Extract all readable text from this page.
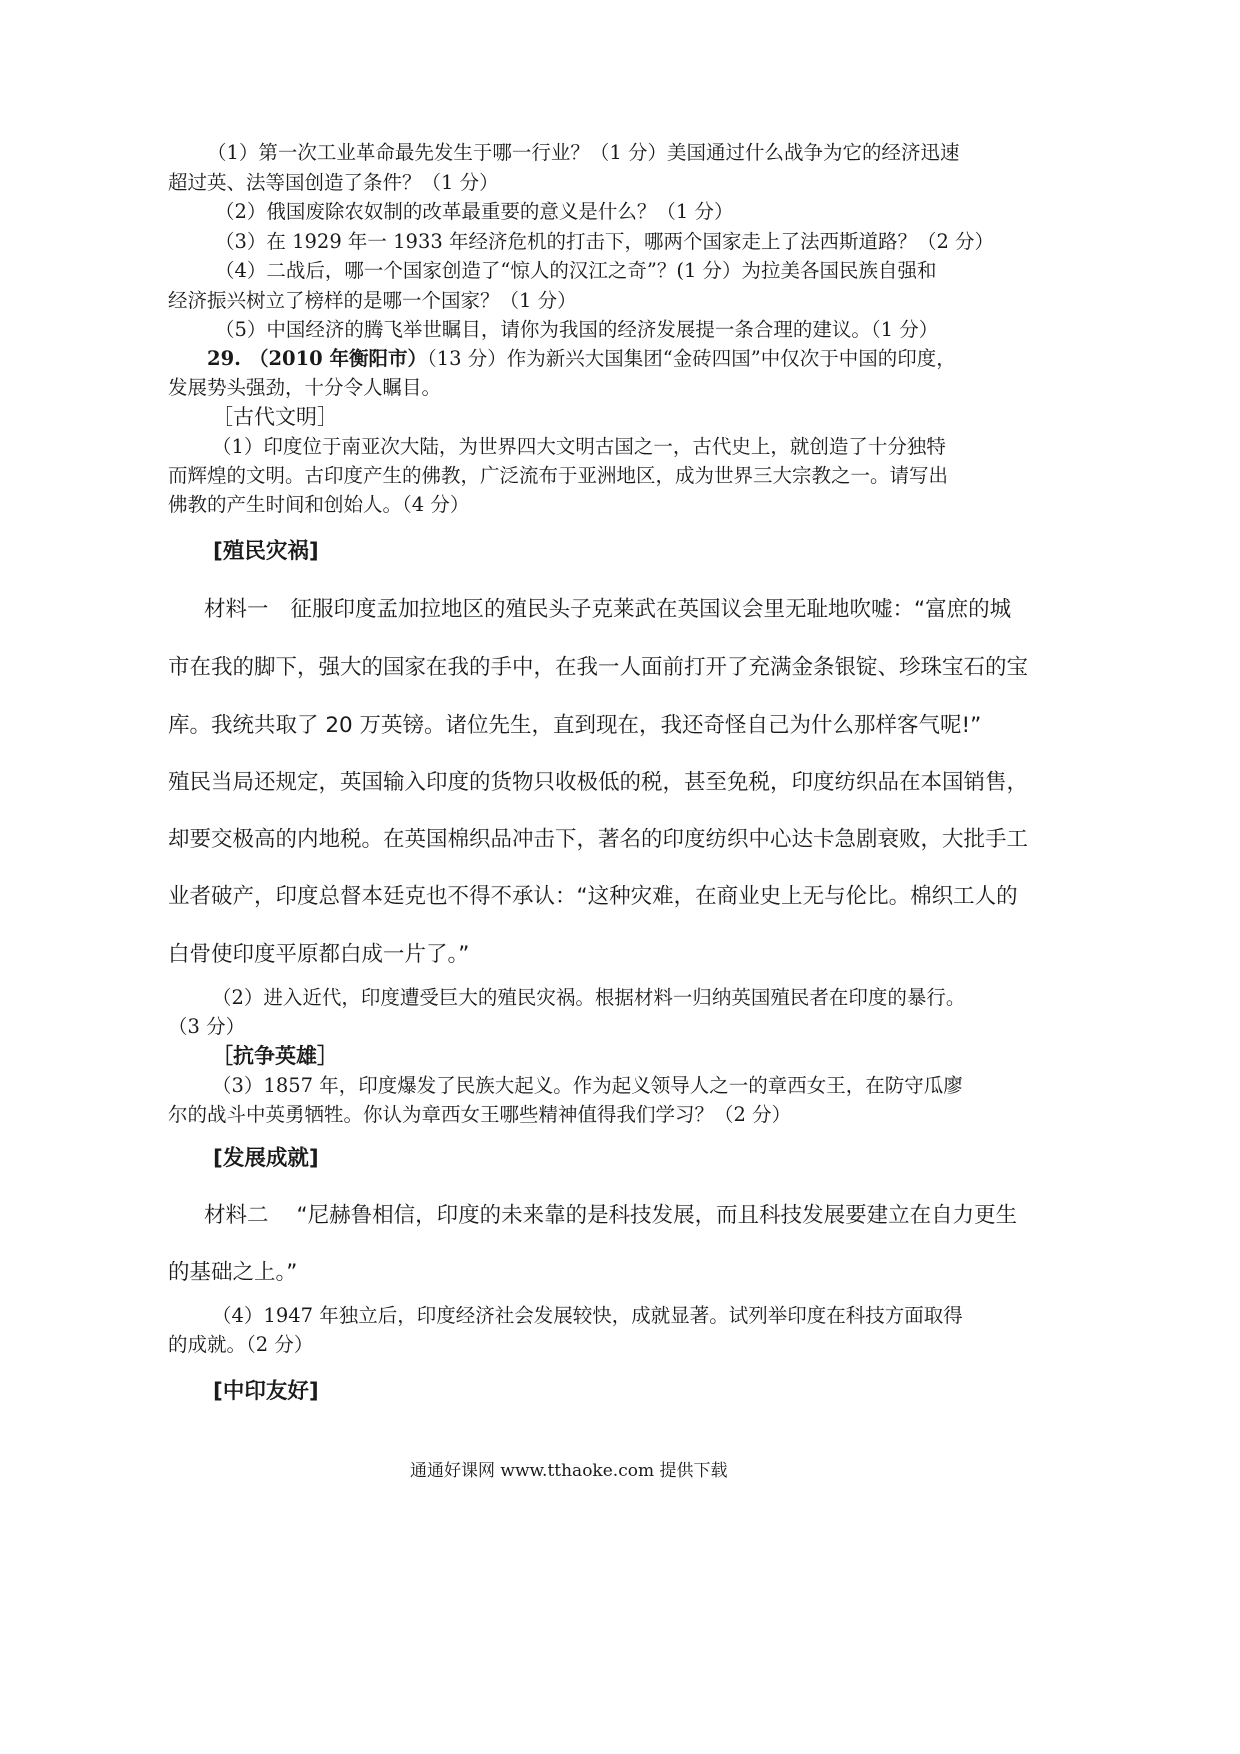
（1）第一次工业革命最先发生于哪一行业？（1 分）美国通过什么战争为它的经济迅速
超过英、法等国创造了条件？（1 分）
（2）俄国废除农奴制的改革最重要的意义是什么？（1 分）
（3）在 1929 年一 1933 年经济危机的打击下，哪两个国家走上了法西斯道路？（2 分）
（4）二战后，哪一个国家创造了“惊人的汉江之奇”？(1 分）为拉美各国民族自强和
经济振兴树立了榜样的是哪一个国家？（1 分）
（5）中国经济的腾飞举世瞩目，请你为我国的经济发展提一条合理的建议。（1 分）
29. （2010 年衡阳市）（13 分）作为新兴大国集团“金砖四国”中仅次于中国的印度，
发展势头强劲，十分令人瞩目。
［古代文明］
（1）印度位于南亚次大陆，为世界四大文明古国之一，古代史上，就创造了十分独特
而辉煌的文明。古印度产生的佛教，广泛流布于亚洲地区，成为世界三大宗教之一。请写出
佛教的产生时间和创始人。（4 分）
[殖民灾祸]
材料一 征服印度孟加拉地区的殖民头子克莱武在英国议会里无耻地吹嘘：“富庶的城
市在我的脚下，强大的国家在我的手中，在我一人面前打开了充满金条银锭、珍珠宝石的宝
库。我统共取了 20 万英镑。诸位先生，直到现在，我还奇怪自己为什么那样客气呢!”
殖民当局还规定，英国输入印度的货物只收极低的税，甚至免税，印度纺织品在本国销售，
却要交极高的内地税。在英国棉织品冲击下，著名的印度纺织中心达卡急剧衰败，大批手工
业者破产，印度总督本廷克也不得不承认：“这种灾难，在商业史上无与伦比。棉织工人的
白骨使印度平原都白成一片了。”
（2）进入近代，印度遭受巨大的殖民灾祸。根据材料一归纳英国殖民者在印度的暴行。
（3 分）
［抗争英雄］
（3）1857 年，印度爆发了民族大起义。作为起义领导人之一的章西女王，在防守瓜廖
尔的战斗中英勇牺牲。你认为章西女王哪些精神值得我们学习？（2 分）
[发展成就]
材料二 “尼赫鲁相信，印度的未来靠的是科技发展，而且科技发展要建立在自力更生
的基础之上。”
（4）1947 年独立后，印度经济社会发展较快，成就显著。试列举印度在科技方面取得
的成就。（2 分）
[中印友好]
通通好课网 www.tthaoke.com 提供下载
